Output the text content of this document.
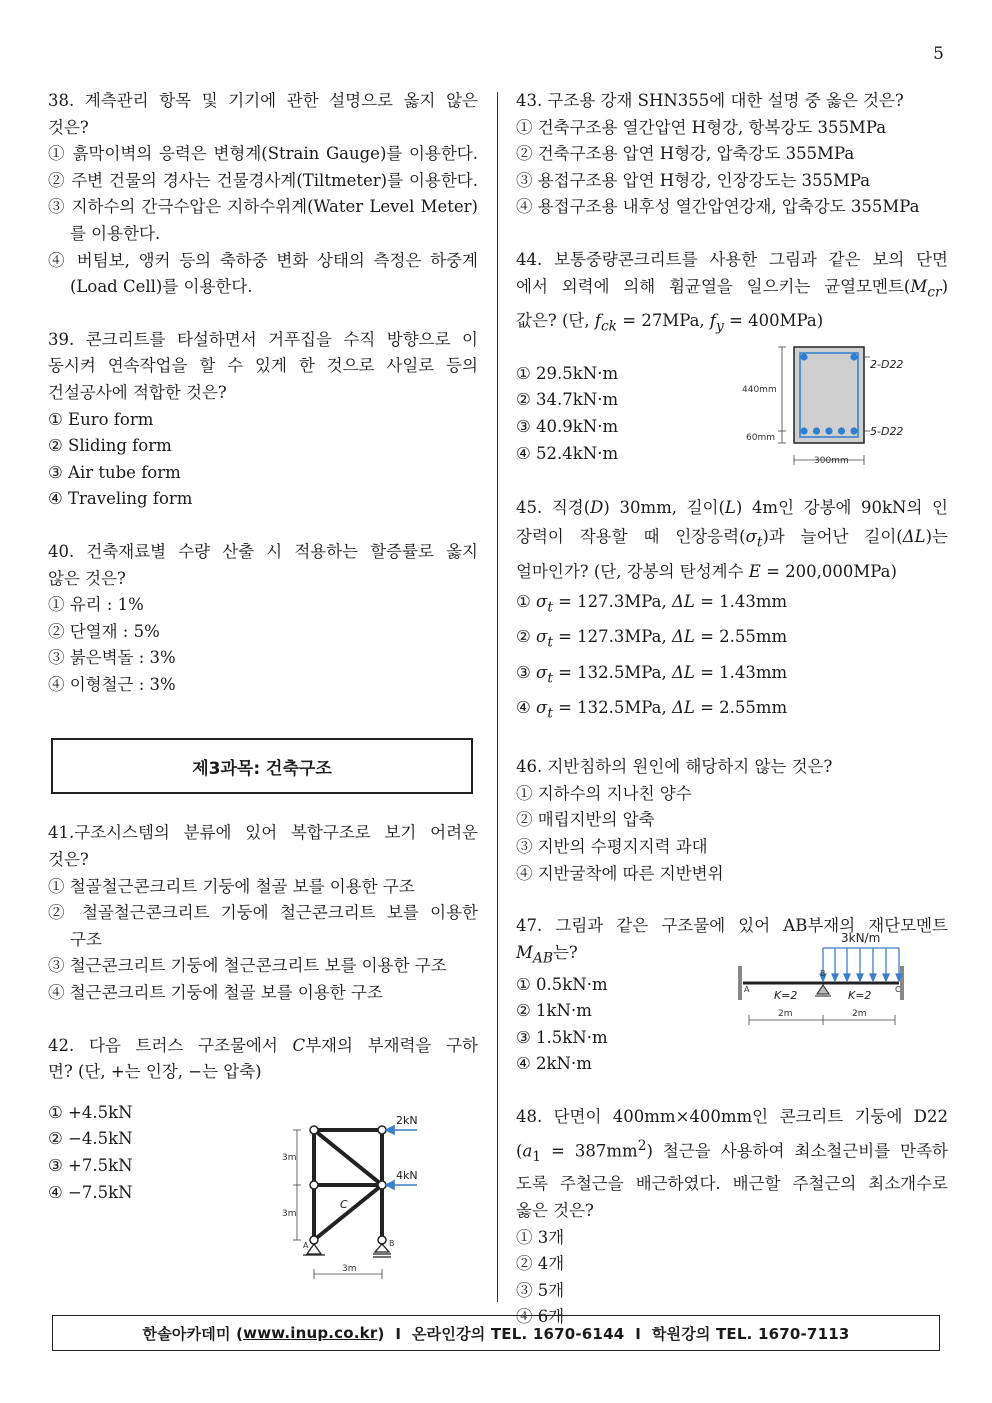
5
38. 계측관리 항목 및 기기에 관한 설명으로 옳지 않은
것은?
① 흙막이벽의 응력은 변형계(Strain Gauge)를 이용한다.
② 주변 건물의 경사는 건물경사계(Tiltmeter)를 이용한다.
③ 지하수의 간극수압은 지하수위계(Water Level Meter)
를 이용한다.
④ 버팀보, 앵커 등의 축하중 변화 상태의 측정은 하중계
(Load Cell)를 이용한다.
39. 콘크리트를 타설하면서 거푸집을 수직 방향으로 이
동시켜 연속작업을 할 수 있게 한 것으로 사일로 등의
건설공사에 적합한 것은?
① Euro form
② Sliding form
③ Air tube form
④ Traveling form
40. 건축재료별 수량 산출 시 적용하는 할증률로 옳지
않은 것은?
① 유리 : 1%
② 단열재 : 5%
③ 붉은벽돌 : 3%
④ 이형철근 : 3%
제3과목: 건축구조
41.구조시스템의 분류에 있어 복합구조로 보기 어려운
것은?
① 철골철근콘크리트 기둥에 철골 보를 이용한 구조
② 철골철근콘크리트 기둥에 철근콘크리트 보를 이용한
구조
③ 철근콘크리트 기둥에 철근콘크리트 보를 이용한 구조
④ 철근콘크리트 기둥에 철골 보를 이용한 구조
42. 다음 트러스 구조물에서 C부재의 부재력을 구하
면? (단, +는 인장, −는 압축)
① +4.5kN
② −4.5kN
③ +7.5kN
④ −7.5kN
2kN
4kN
3m
3m
3m
C
A	B
43. 구조용 강재 SHN355에 대한 설명 중 옳은 것은?
① 건축구조용 열간압연 H형강, 항복강도 355MPa
② 건축구조용 압연 H형강, 압축강도 355MPa
③ 용접구조용 압연 H형강, 인장강도는 355MPa
④ 용접구조용 내후성 열간압연강재, 압축강도 355MPa
44. 보통중량콘크리트를 사용한 그림과 같은 보의 단면
에서 외력에 의해 휨균열을 일으키는 균열모멘트$(M_{cr})$
값은? (단, $f_{ck} = 27MPa$, $f_y = 400MPa$)
① 29.5kN·m
② 34.7kN·m
③ 40.9kN·m
④ 52.4kN·m
45. 직경(D) 30mm, 길이(L) 4m인 강봉에 90kN의 인
장력이 작용할 때 인장응력$(\sigma_t)$과 늘어난 길이(ΔL)는
얼마인가? (단, 강봉의 탄성계수 E = 200,000MPa)
① $\sigma_t = 127.3MPa$, ΔL = 1.43mm
② $\sigma_t = 127.3MPa$, ΔL = 2.55mm
③ $\sigma_t = 132.5MPa$, ΔL = 1.43mm
④ $\sigma_t = 132.5MPa$, ΔL = 2.55mm
46. 지반침하의 원인에 해당하지 않는 것은?
① 지하수의 지나친 양수
② 매립지반의 압축
③ 지반의 수평지지력 과대
④ 지반굴착에 따른 지반변위
47. 그림과 같은 구조물에 있어 AB부재의 재단모멘트
$M_{AB}$는?
① 0.5kN·m
② 1kN·m
③ 1.5kN·m
④ 2kN·m
48. 단면이 400mm×400mm인 콘크리트 기둥에 D22
$(a_1 = 387mm^2)$ 철근을 사용하여 최소철근비를 만족하
도록 주철근을 배근하였다. 배근할 주철근의 최소개수로
옳은 것은?
① 3개
② 4개
③ 5개
④ 6개
440mm
60mm
300mm
2-D22
5-D22
3kN/m
K=2	K=2
A
B
C
2m	2m
한솔아카데미 ( www.inup.co.kr )  I  온라인강의 TEL. 1670-6144  I  학원강의 TEL. 1670-7113
